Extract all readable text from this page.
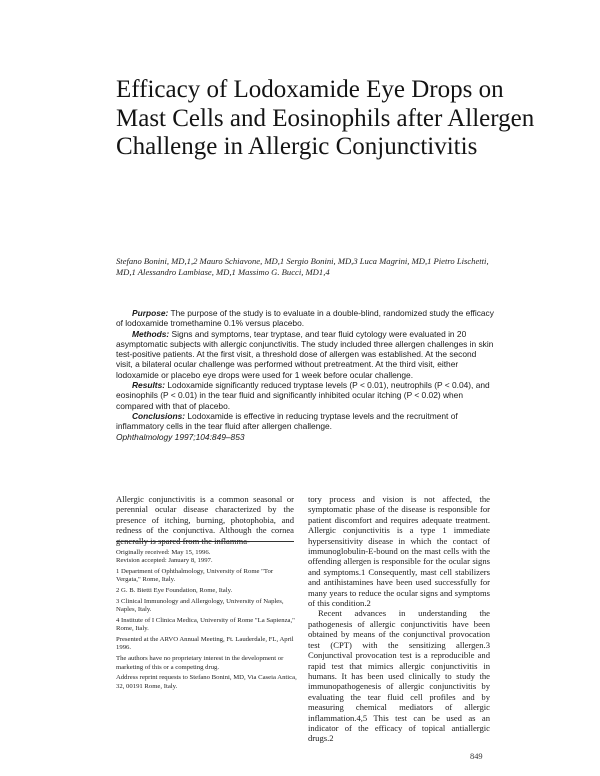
Efficacy of Lodoxamide Eye Drops on Mast Cells and Eosinophils after Allergen Challenge in Allergic Conjunctivitis
Stefano Bonini, MD,1,2 Mauro Schiavone, MD,1 Sergio Bonini, MD,3 Luca Magrini, MD,1 Pietro Lischetti, MD,1 Alessandro Lambiase, MD,1 Massimo G. Bucci, MD1,4

Purpose: The purpose of the study is to evaluate in a double-blind, randomized study the efficacy of lodoxamide tromethamine 0.1% versus placebo.

Methods: Signs and symptoms, tear tryptase, and tear fluid cytology were evaluated in 20 asymptomatic subjects with allergic conjunctivitis. The study included three allergen challenges in skin test-positive patients. At the first visit, a threshold dose of allergen was established. At the second visit, a bilateral ocular challenge was performed without pretreatment. At the third visit, either lodoxamide or placebo eye drops were used for 1 week before ocular challenge.

Results: Lodoxamide significantly reduced tryptase levels (P < 0.01), neutrophils (P < 0.04), and eosinophils (P < 0.01) in the tear fluid and significantly inhibited ocular itching (P < 0.02) when compared with that of placebo.

Conclusions: Lodoxamide is effective in reducing tryptase levels and the recruitment of inflammatory cells in the tear fluid after allergen challenge.

Ophthalmology 1997;104:849–853

Allergic conjunctivitis is a common seasonal or perennial ocular disease characterized by the presence of itching, burning, photophobia, and redness of the conjunctiva. Although the cornea generally is spared from the inflamma-

Originally received: May 15, 1996.
Revision accepted: January 8, 1997.

1 Department of Ophthalmology, University of Rome "Tor Vergata," Rome, Italy.

2 G. B. Bietti Eye Foundation, Rome, Italy.

3 Clinical Immunology and Allergology, University of Naples, Naples, Italy.

4 Institute of I Clinica Medica, University of Rome "La Sapienza," Rome, Italy.

Presented at the ARVO Annual Meeting, Ft. Lauderdale, FL, April 1996.

The authors have no proprietary interest in the development or marketing of this or a competing drug.

Address reprint requests to Stefano Bonini, MD, Via Caseia Antica, 32, 00191 Rome, Italy.

tory process and vision is not affected, the symptomatic phase of the disease is responsible for patient discomfort and requires adequate treatment. Allergic conjunctivitis is a type 1 immediate hypersensitivity disease in which the contact of immunoglobulin-E-bound on the mast cells with the offending allergen is responsible for the ocular signs and symptoms.1 Consequently, mast cell stabilizers and antihistamines have been used successfully for many years to reduce the ocular signs and symptoms of this condition.2

Recent advances in understanding the pathogenesis of allergic conjunctivitis have been obtained by means of the conjunctival provocation test (CPT) with the sensitizing allergen.3 Conjunctival provocation test is a reproducible and rapid test that mimics allergic conjunctivitis in humans. It has been used clinically to study the immunopathogenesis of allergic conjunctivitis by evaluating the tear fluid cell profiles and by measuring chemical mediators of allergic inflammation.4,5 This test can be used as an indicator of the efficacy of topical antiallergic drugs.2

849
